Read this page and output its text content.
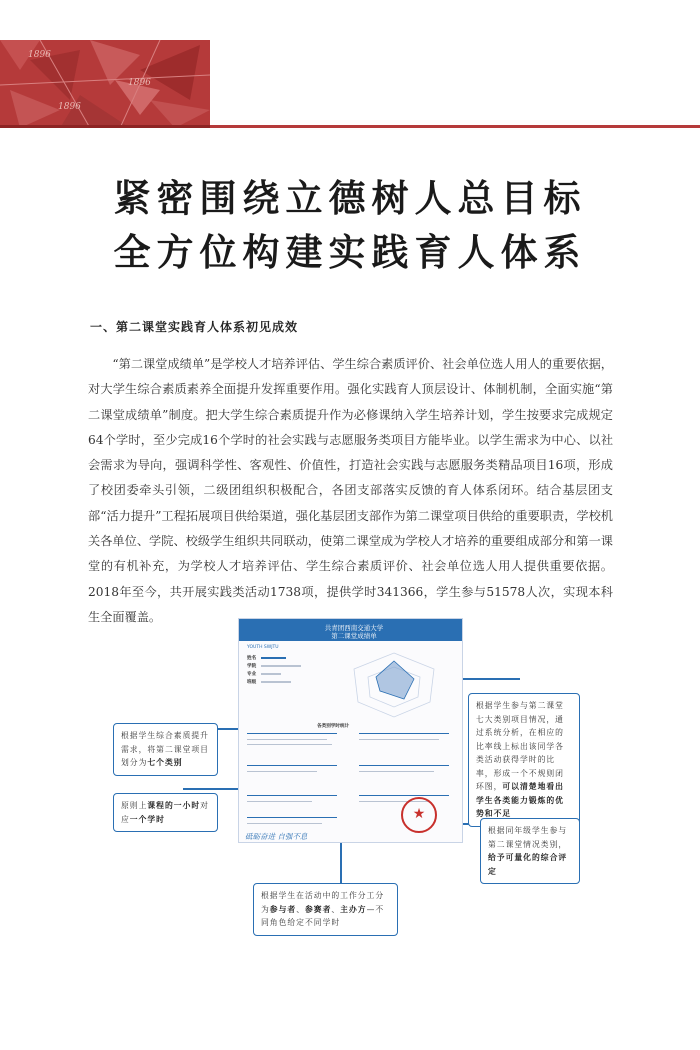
1896
1896
1896
紧密围绕立德树人总目标
全方位构建实践育人体系
一、第二课堂实践育人体系初见成效

“第二课堂成绩单”是学校人才培养评估、学生综合素质评价、社会单位选人用人的重要依据，对大学生综合素质素养全面提升发挥重要作用。强化实践育人顶层设计、体制机制，全面实施“第二课堂成绩单”制度。把大学生综合素质提升作为必修课纳入学生培养计划，学生按要求完成规定64个学时，至少完成16个学时的社会实践与志愿服务类项目方能毕业。以学生需求为中心、以社会需求为导向，强调科学性、客观性、价值性，打造社会实践与志愿服务类精品项目16项，形成了校团委牵头引领，二级团组织积极配合，各团支部落实反馈的育人体系闭环。结合基层团支部“活力提升”工程拓展项目供给渠道，强化基层团支部作为第二课堂项目供给的重要职责，学校机关各单位、学院、校级学生组织共同联动，使第二课堂成为学校人才培养的重要组成部分和第一课堂的有机补充，为学校人才培养评估、学生综合素质评价、社会单位选人用人提供重要依据。2018年至今，共开展实践类活动1738项，提供学时341366，学生参与51578人次，实现本科生全面覆盖。

共青团西南交通大学
第二课堂成绩单
YOUTH SWJTU
姓名
学院
专业
班级
各类别学时统计
砥砺奋进 自强不息
★
根据学生综合素质提升需求，将第二课堂项目划分为七个类别
原则上课程的一小时对应一个学时
根据学生在活动中的工作分工分为参与者、参赛者、主办方—不同角色给定不同学时
根据学生参与第二课堂七大类别项目情况，通过系统分析，在相应的比率线上标出该同学各类活动获得学时的比率，形成一个不规则闭环图，可以清楚地看出学生各类能力锻炼的优势和不足
根据同年级学生参与第二课堂情况类别，给予可量化的综合评定
